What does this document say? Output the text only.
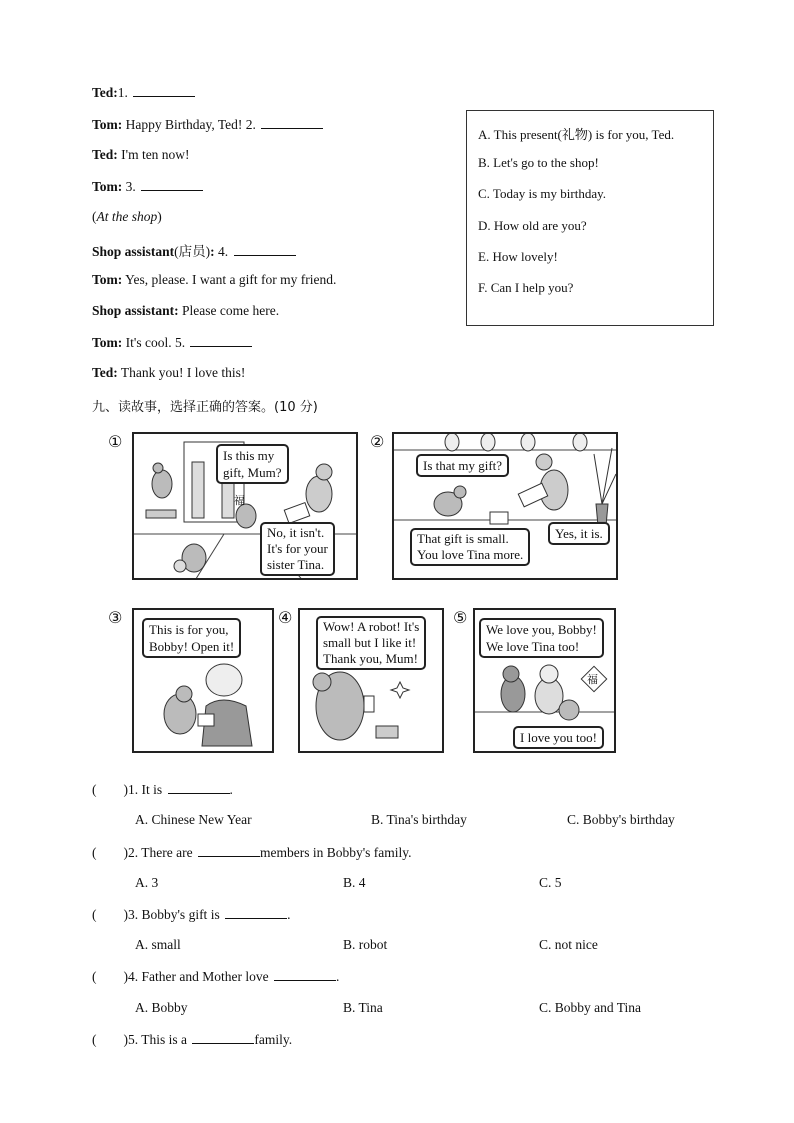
Ted:1.
Tom: Happy Birthday, Ted! 2.
Ted: I'm ten now!
Tom: 3.
(At the shop)
Shop assistant(店员): 4.
Tom: Yes, please. I want a gift for my friend.
Shop assistant: Please come here.
Tom: It's cool. 5.
Ted: Thank you! I love this!
A. This present(礼物) is for you, Ted.
B. Let's go to the shop!
C. Today is my birthday.
D. How old are you?
E. How lovely!
F. Can I help you?
九、读故事，选择正确的答案。(10 分)
①
Is this my
gift, Mum?
福
No, it isn't.
It's for your
sister Tina.
②
Is that my gift?
That gift is small.
You love Tina more.
Yes, it is.
③
This is for you,
Bobby! Open it!
④	Wow! A robot! It's
small but I like it!
Thank you, Mum!
⑤
福
We love you, Bobby!
We love Tina too!
I love you too!
(        )1. It is	.
A. Chinese New Year	B. Tina's birthday	C. Bobby's birthday
(        )2. There are	members in Bobby's family.
A. 3	B. 4	C. 5
(        )3. Bobby's gift is	.
A. small	B. robot	C. not nice
(        )4. Father and Mother love	.
A. Bobby	B. Tina	C. Bobby and Tina
(        )5. This is a	family.
